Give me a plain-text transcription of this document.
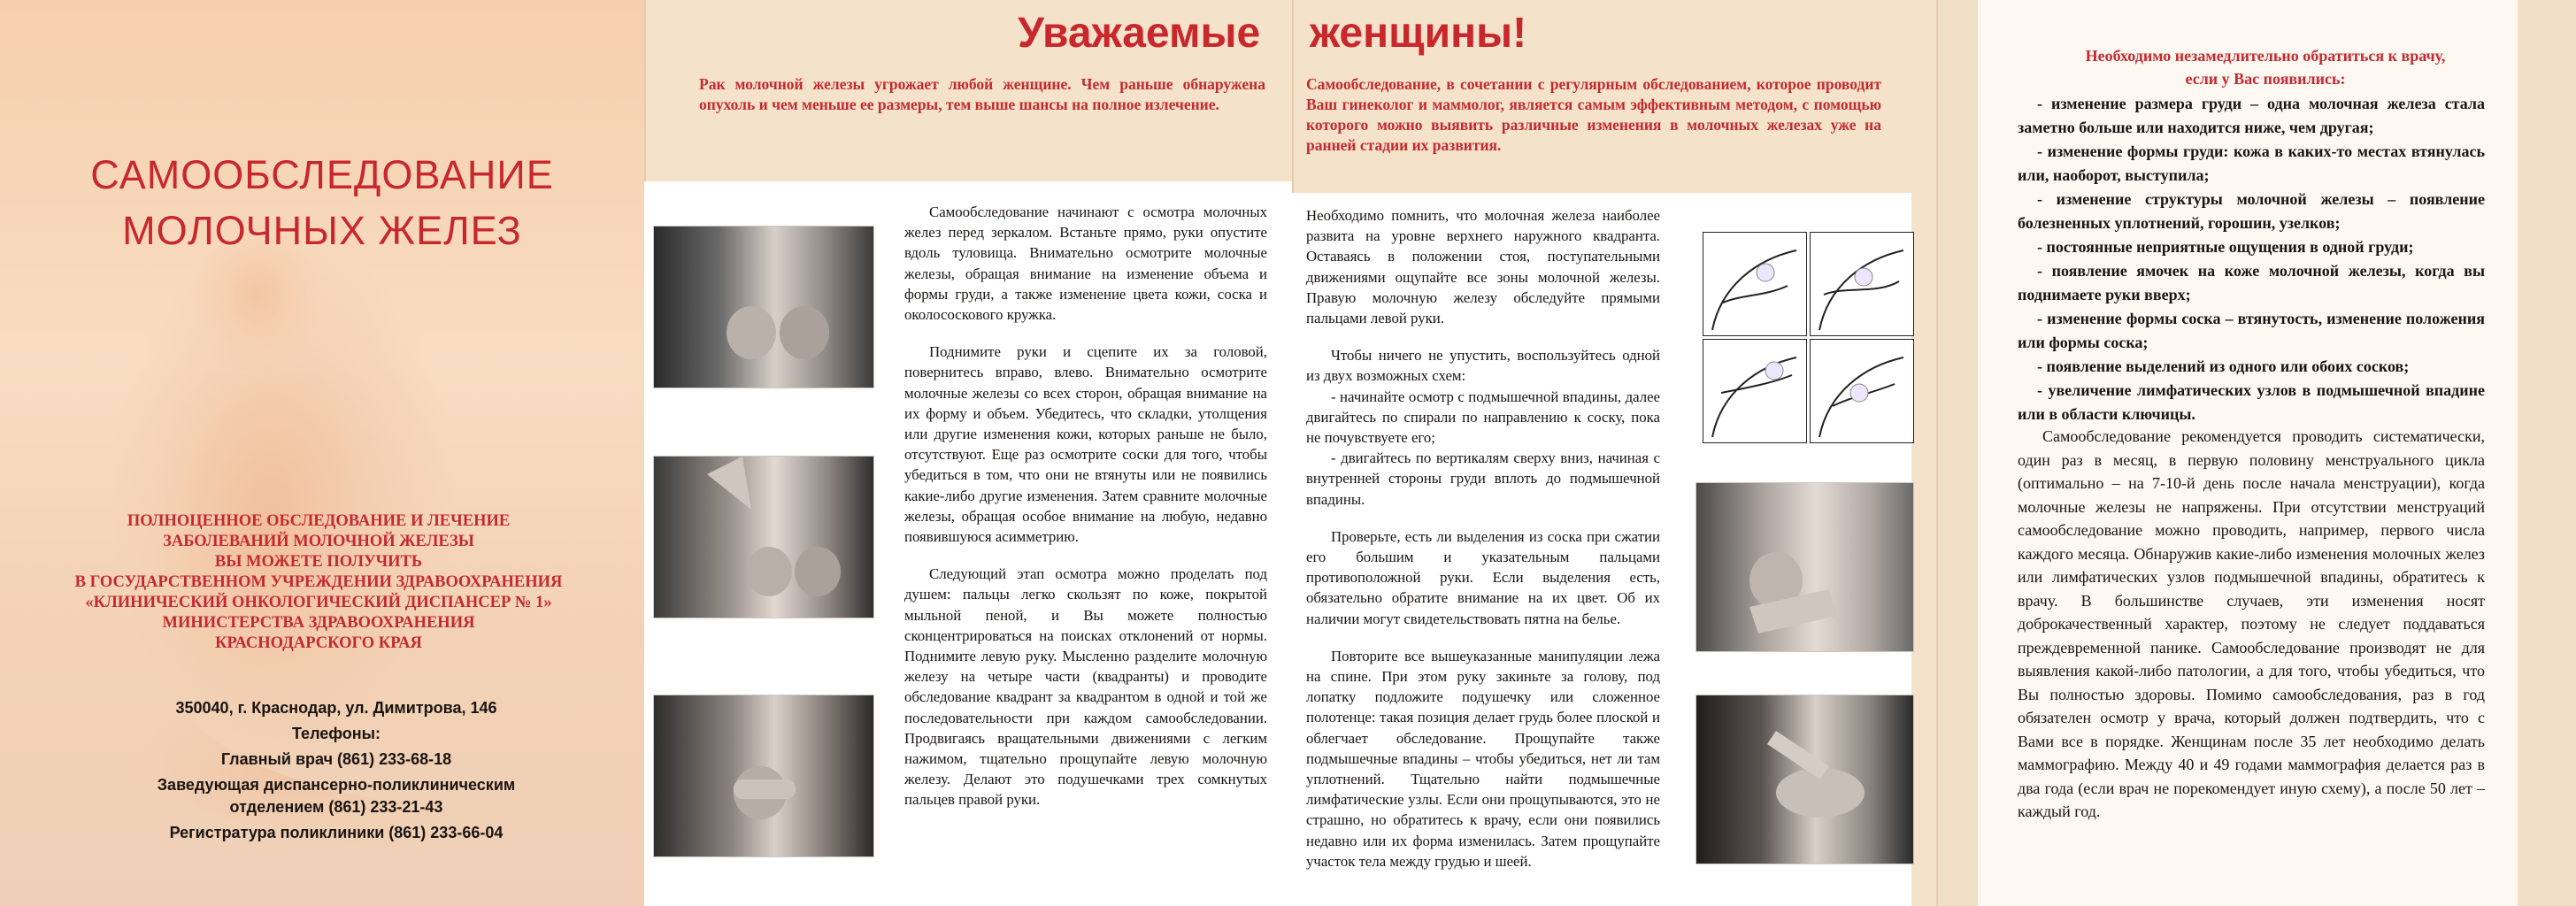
САМООБСЛЕДОВАНИЕ
МОЛОЧНЫХ ЖЕЛЕЗ
ПОЛНОЦЕННОЕ ОБСЛЕДОВАНИЕ И ЛЕЧЕНИЕ
ЗАБОЛЕВАНИЙ МОЛОЧНОЙ ЖЕЛЕЗЫ
ВЫ МОЖЕТЕ ПОЛУЧИТЬ
В ГОСУДАРСТВЕННОМ УЧРЕЖДЕНИИ ЗДРАВООХРАНЕНИЯ
«КЛИНИЧЕСКИЙ ОНКОЛОГИЧЕСКИЙ ДИСПАНСЕР № 1»
МИНИСТЕРСТВА ЗДРАВООХРАНЕНИЯ
КРАСНОДАРСКОГО КРАЯ
350040, г. Краснодар, ул. Димитрова, 146
Телефоны:
Главный врач (861) 233-68-18
Заведующая диспансерно-поликлиническим
отделением (861) 233-21-43
Регистратура поликлиники (861) 233-66-04
Уважаемые
Рак молочной железы угрожает любой женщине. Чем раньше обнаружена опухоль и чем меньше ее размеры, тем выше шансы на полное излечение.

Самообследование начинают с осмотра молочных желез перед зеркалом. Встаньте прямо, руки опустите вдоль туловища. Внимательно осмотрите молочные железы, обращая внимание на изменение объема и формы груди, а также изменение цвета кожи, соска и околососкового кружка.

Поднимите руки и сцепите их за головой, повернитесь вправо, влево. Внимательно осмотрите молочные железы со всех сторон, обращая внимание на их форму и объем. Убедитесь, что складки, утолщения или другие изменения кожи, которых раньше не было, отсутствуют. Еще раз осмотрите соски для того, чтобы убедиться в том, что они не втянуты или не появились какие-либо другие изменения. Затем сравните молочные железы, обращая особое внимание на любую, недавно появившуюся асимметрию.

Следующий этап осмотра можно проделать под душем: пальцы легко скользят по коже, покрытой мыльной пеной, и Вы можете полностью сконцентрироваться на поисках отклонений от нормы. Поднимите левую руку. Мысленно разделите молочную железу на четыре части (квадранты) и проводите обследование квадрант за квадрантом в одной и той же последовательности при каждом самообследовании. Продвигаясь вращательными движениями с легким нажимом, тщательно прощупайте левую молочную железу. Делают это подушечками трех сомкнутых пальцев правой руки.

женщины!
Самообследование, в сочетании с регулярным обследованием, которое проводит Ваш гинеколог и маммолог, является самым эффективным методом, с помощью которого можно выявить различные изменения в молочных железах уже на ранней стадии их развития.

Необходимо помнить, что молочная железа наиболее развита на уровне верхнего наружного квадранта. Оставаясь в положении стоя, поступательными движениями ощупайте все зоны молочной железы. Правую молочную железу обследуйте прямыми пальцами левой руки.

Чтобы ничего не упустить, воспользуйтесь одной из двух возможных схем:

- начинайте осмотр с подмышечной впадины, далее двигайтесь по спирали по направлению к соску, пока не почувствуете его;

- двигайтесь по вертикалям сверху вниз, начиная с внутренней стороны груди вплоть до подмышечной впадины.

Проверьте, есть ли выделения из соска при сжатии его большим и указательным пальцами противоположной руки. Если выделения есть, обязательно обратите внимание на их цвет. Об их наличии могут свидетельствовать пятна на белье.

Повторите все вышеуказанные манипуляции лежа на спине. При этом руку закиньте за голову, под лопатку подложите подушечку или сложенное полотенце: такая позиция делает грудь более плоской и облегчает обследование. Прощупайте также подмышечные впадины – чтобы убедиться, нет ли там уплотнений. Тщательно найти подмышечные лимфатические узлы. Если они прощупываются, это не страшно, но обратитесь к врачу, если они появились недавно или их форма изменилась. Затем прощупайте участок тела между грудью и шеей.

Необходимо незамедлительно обратиться к врачу,
если у Вас появились:
- изменение размера груди – одна молочная железа стала заметно больше или находится ниже, чем другая;
- изменение формы груди: кожа в каких-то местах втянулась или, наоборот, выступила;
- изменение структуры молочной железы – появление болезненных уплотнений, горошин, узелков;
- постоянные неприятные ощущения в одной груди;
- появление ямочек на коже молочной железы, когда вы поднимаете руки вверх;
- изменение формы соска – втянутость, изменение положения или формы соска;
- появление выделений из одного или обоих сосков;
- увеличение лимфатических узлов в подмышечной впадине или в области ключицы.
Самообследование рекомендуется проводить систематически, один раз в месяц, в первую половину менструального цикла (оптимально – на 7-10-й день после начала менструации), когда молочные железы не напряжены. При отсутствии менструаций самообследование можно проводить, например, первого числа каждого месяца. Обнаружив какие-либо изменения молочных желез или лимфатических узлов подмышечной впадины, обратитесь к врачу. В большинстве случаев, эти изменения носят доброкачественный характер, поэтому не следует поддаваться преждевременной панике. Самообследование производят не для выявления какой-либо патологии, а для того, чтобы убедиться, что Вы полностью здоровы. Помимо самообследования, раз в год обязателен осмотр у врача, который должен подтвердить, что с Вами все в порядке. Женщинам после 35 лет необходимо делать маммографию. Между 40 и 49 годами маммография делается раз в два года (если врач не порекомендует иную схему), а после 50 лет – каждый год.
